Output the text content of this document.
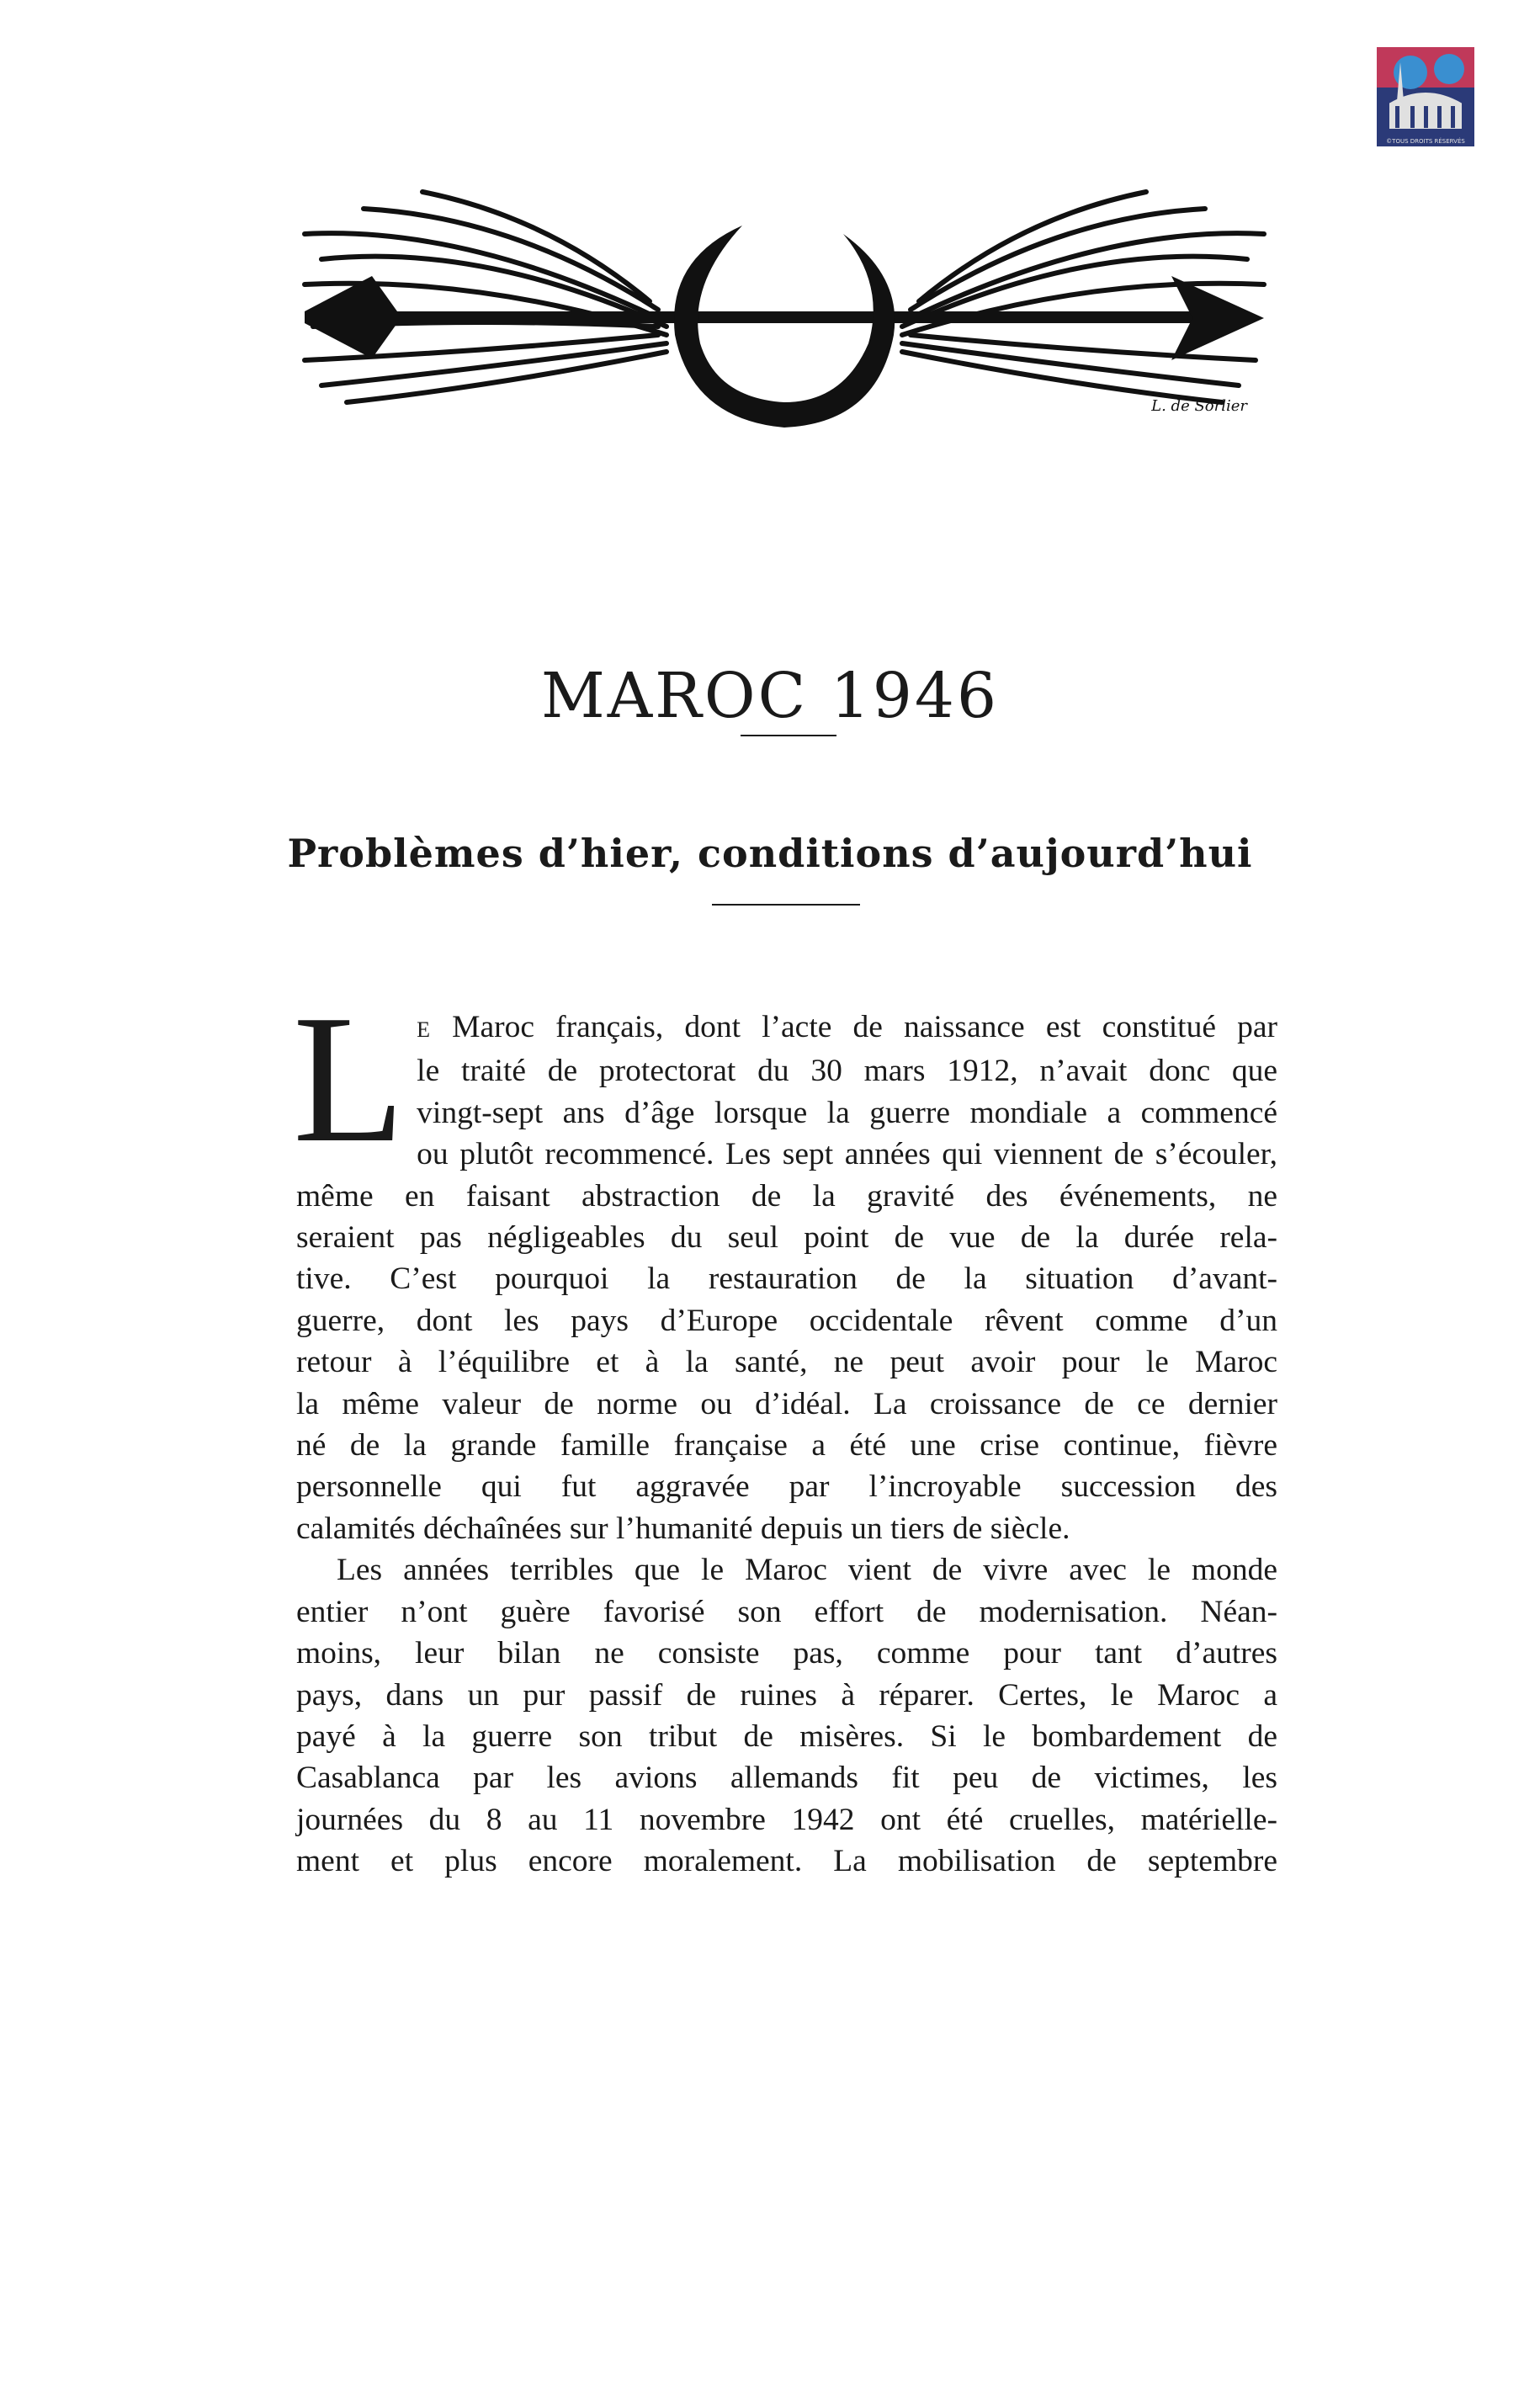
©TOUS DROITS RÉSERVÉS
L. de Sorlier
MAROC 1946
Problèmes d’hier, conditions d’aujourd’hui

L E Maroc français, dont l’acte de naissance est constitué par
le traité de protectorat du 30 mars 1912, n’avait donc que
vingt-sept ans d’âge lorsque la guerre mondiale a commencé
ou plutôt recommencé. Les sept années qui viennent de s’écouler,
même en faisant abstraction de la gravité des événements, ne
seraient pas négligeables du seul point de vue de la durée rela-
tive. C’est pourquoi la restauration de la situation d’avant-
guerre, dont les pays d’Europe occidentale rêvent comme d’un
retour à l’équilibre et à la santé, ne peut avoir pour le Maroc
la même valeur de norme ou d’idéal. La croissance de ce dernier
né de la grande famille française a été une crise continue, fièvre
personnelle qui fut aggravée par l’incroyable succession des
calamités déchaînées sur l’humanité depuis un tiers de siècle.

Les années terribles que le Maroc vient de vivre avec le monde
entier n’ont guère favorisé son effort de modernisation. Néan-
moins, leur bilan ne consiste pas, comme pour tant d’autres
pays, dans un pur passif de ruines à réparer. Certes, le Maroc a
payé à la guerre son tribut de misères. Si le bombardement de
Casablanca par les avions allemands fit peu de victimes, les
journées du 8 au 11 novembre 1942 ont été cruelles, matérielle-
ment et plus encore moralement. La mobilisation de septembre
